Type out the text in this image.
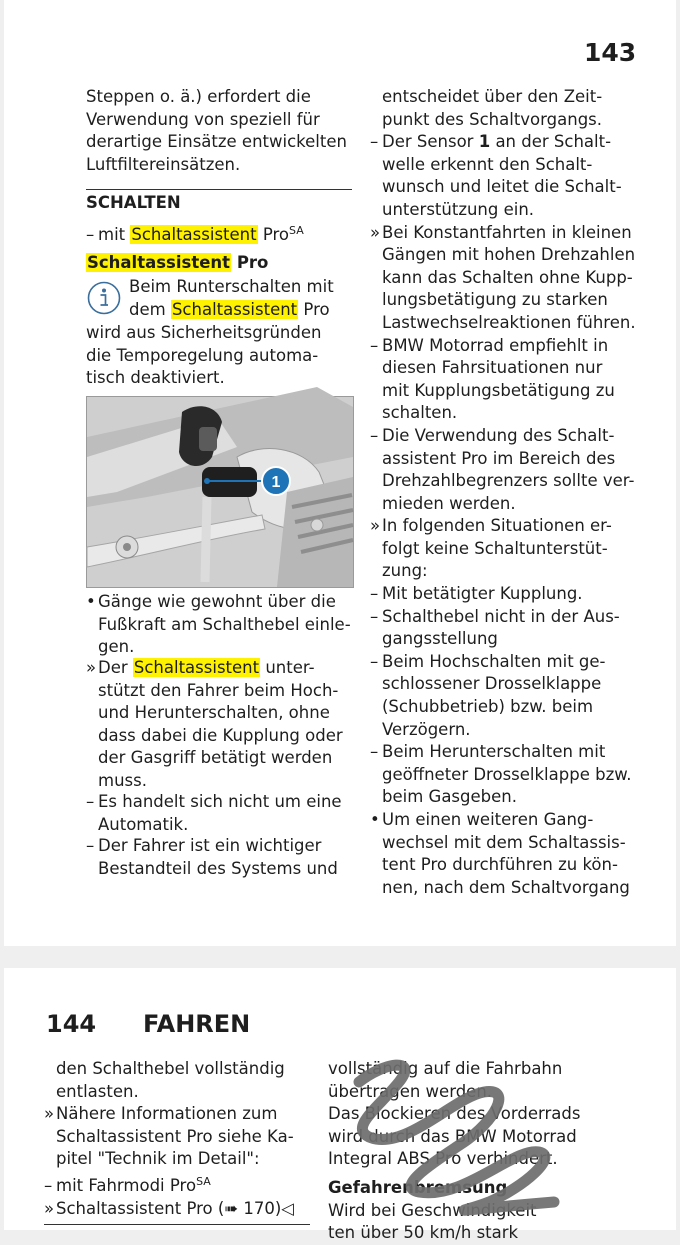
143
Steppen o. ä.) erfordert die
Verwendung von speziell für
derartige Einsätze entwickelten
Luftfiltereinsätzen.
SCHALTEN
– mit Schaltassistent Pro$^{SA}$
Schaltassistent Pro
Beim Runterschalten mit
dem Schaltassistent Pro
wird aus Sicherheitsgründen
die Temporegelung automa-
tisch deaktiviert.
1
• Gänge wie gewohnt über die
Fußkraft am Schalthebel einle-
gen.
» Der Schaltassistent unter-
stützt den Fahrer beim Hoch-
und Herunterschalten, ohne
dass dabei die Kupplung oder
der Gasgriff betätigt werden
muss.
– Es handelt sich nicht um eine
Automatik.
– Der Fahrer ist ein wichtiger
Bestandteil des Systems und
entscheidet über den Zeit-
punkt des Schaltvorgangs.
– Der Sensor 1 an der Schalt-
welle erkennt den Schalt-
wunsch und leitet die Schalt-
unterstützung ein.
» Bei Konstantfahrten in kleinen
Gängen mit hohen Drehzahlen
kann das Schalten ohne Kupp-
lungsbetätigung zu starken
Lastwechselreaktionen führen.
– BMW Motorrad empfiehlt in
diesen Fahrsituationen nur
mit Kupplungsbetätigung zu
schalten.
– Die Verwendung des Schalt-
assistent Pro im Bereich des
Drehzahlbegrenzers sollte ver-
mieden werden.
» In folgenden Situationen er-
folgt keine Schaltunterstüt-
zung:
– Mit betätigter Kupplung.
– Schalthebel nicht in der Aus-
gangsstellung
– Beim Hochschalten mit ge-
schlossener Drosselklappe
(Schubbetrieb) bzw. beim
Verzögern.
– Beim Herunterschalten mit
geöffneter Drosselklappe bzw.
beim Gasgeben.
• Um einen weiteren Gang-
wechsel mit dem Schaltassis-
tent Pro durchführen zu kön-
nen, nach dem Schaltvorgang
144 FAHREN
den Schalthebel vollständig
entlasten.
» Nähere Informationen zum
Schaltassistent Pro siehe Ka-
pitel "Technik im Detail":
– mit Fahrmodi Pro$^{SA}$
» Schaltassistent Pro (➠ 170)◁
vollständig auf die Fahrbahn
übertragen werden.
Das Blockieren des Vorderrads
wird durch das BMW Motorrad
Integral ABS Pro verhindert.
Gefahrenbremsung
Wird bei Geschwindigkeit
ten über 50 km/h stark
